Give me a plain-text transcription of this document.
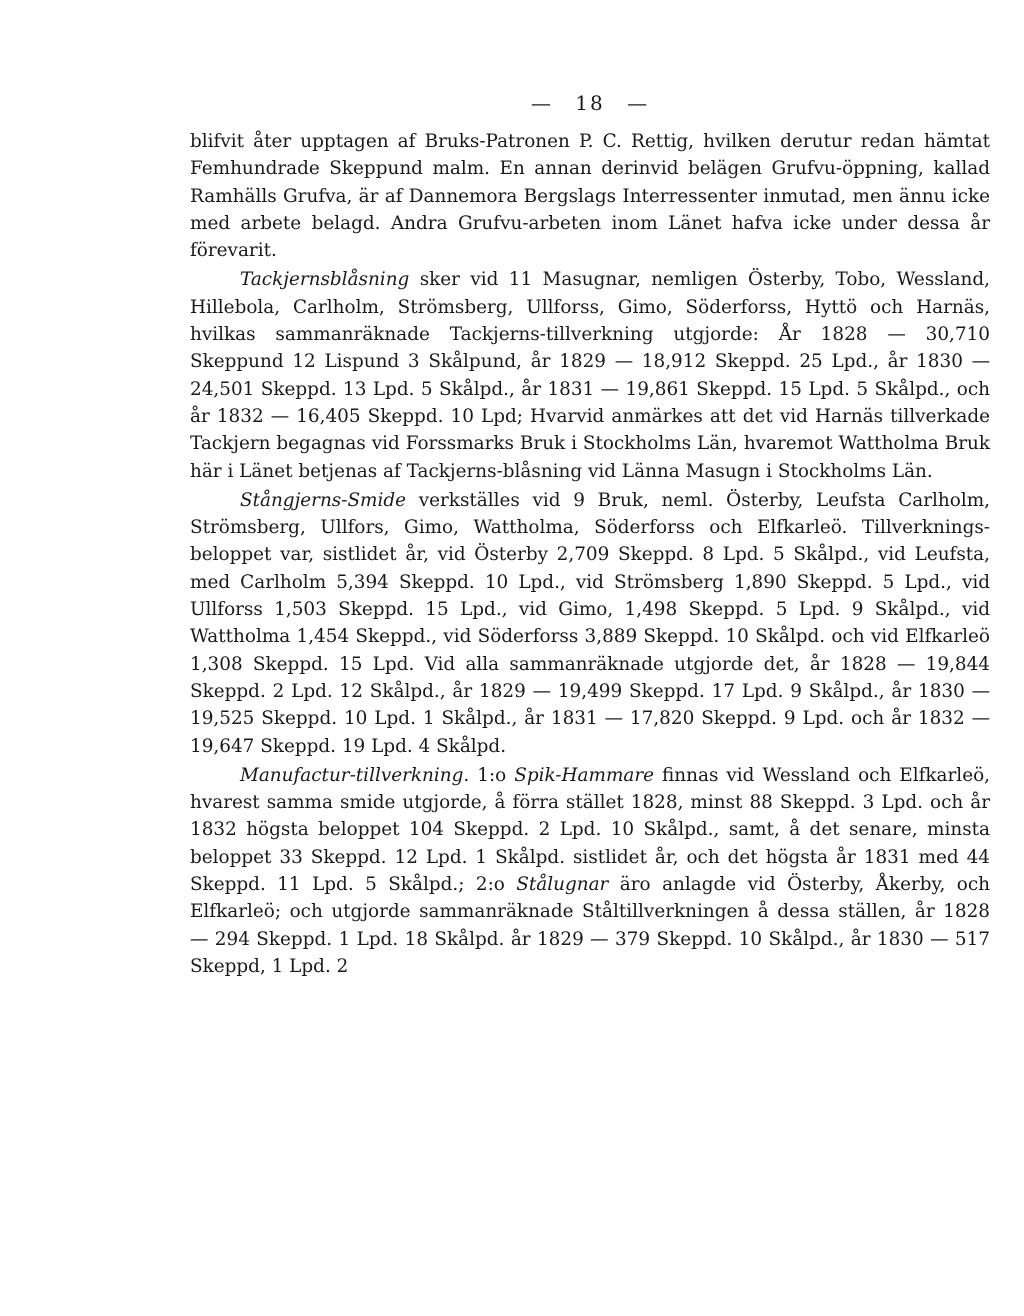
— 18 —

blifvit åter upptagen af Bruks-Patronen P. C. Rettig, hvilken derutur redan hämtat Femhundrade Skeppund malm. En annan derinvid belägen Grufvu-öppning, kallad Ramhälls Grufva, är af Dannemora Bergslags Interressenter inmutad, men ännu icke med arbete belagd. Andra Grufvu-arbeten inom Länet hafva icke under dessa år förevarit.

Tackjernsblåsning sker vid 11 Masugnar, nemligen Österby, Tobo, Wessland, Hillebola, Carlholm, Strömsberg, Ullforss, Gimo, Söderforss, Hyttö och Harnäs, hvilkas sammanräknade Tackjerns-tillverkning utgjorde: År 1828 — 30,710 Skeppund 12 Lispund 3 Skålpund, år 1829 — 18,912 Skeppd. 25 Lpd., år 1830 — 24,501 Skeppd. 13 Lpd. 5 Skålpd., år 1831 — 19,861 Skeppd. 15 Lpd. 5 Skålpd., och år 1832 — 16,405 Skeppd. 10 Lpd; Hvarvid anmärkes att det vid Harnäs tillverkade Tackjern begagnas vid Forssmarks Bruk i Stockholms Län, hvaremot Wattholma Bruk här i Länet betjenas af Tackjerns-blåsning vid Länna Masugn i Stockholms Län.

Stångjerns-Smide verkställes vid 9 Bruk, neml. Österby, Leufsta Carlholm, Strömsberg, Ullfors, Gimo, Wattholma, Söderforss och Elfkarleö. Tillverknings-beloppet var, sistlidet år, vid Österby 2,709 Skeppd. 8 Lpd. 5 Skålpd., vid Leufsta, med Carlholm 5,394 Skeppd. 10 Lpd., vid Strömsberg 1,890 Skeppd. 5 Lpd., vid Ullforss 1,503 Skeppd. 15 Lpd., vid Gimo, 1,498 Skeppd. 5 Lpd. 9 Skålpd., vid Wattholma 1,454 Skeppd., vid Söderforss 3,889 Skeppd. 10 Skålpd. och vid Elfkarleö 1,308 Skeppd. 15 Lpd. Vid alla sammanräknade utgjorde det, år 1828 — 19,844 Skeppd. 2 Lpd. 12 Skålpd., år 1829 — 19,499 Skeppd. 17 Lpd. 9 Skålpd., år 1830 — 19,525 Skeppd. 10 Lpd. 1 Skålpd., år 1831 — 17,820 Skeppd. 9 Lpd. och år 1832 — 19,647 Skeppd. 19 Lpd. 4 Skålpd.

Manufactur-tillverkning. 1:o Spik-Hammare finnas vid Wessland och Elfkarleö, hvarest samma smide utgjorde, å förra stället 1828, minst 88 Skeppd. 3 Lpd. och år 1832 högsta beloppet 104 Skeppd. 2 Lpd. 10 Skålpd., samt, å det senare, minsta beloppet 33 Skeppd. 12 Lpd. 1 Skålpd. sistlidet år, och det högsta år 1831 med 44 Skeppd. 11 Lpd. 5 Skålpd.; 2:o Stålugnar äro anlagde vid Österby, Åkerby, och Elfkarleö; och utgjorde sammanräknade Ståltillverkningen å dessa ställen, år 1828 — 294 Skeppd. 1 Lpd. 18 Skålpd. år 1829 — 379 Skeppd. 10 Skålpd., år 1830 — 517 Skeppd, 1 Lpd. 2
